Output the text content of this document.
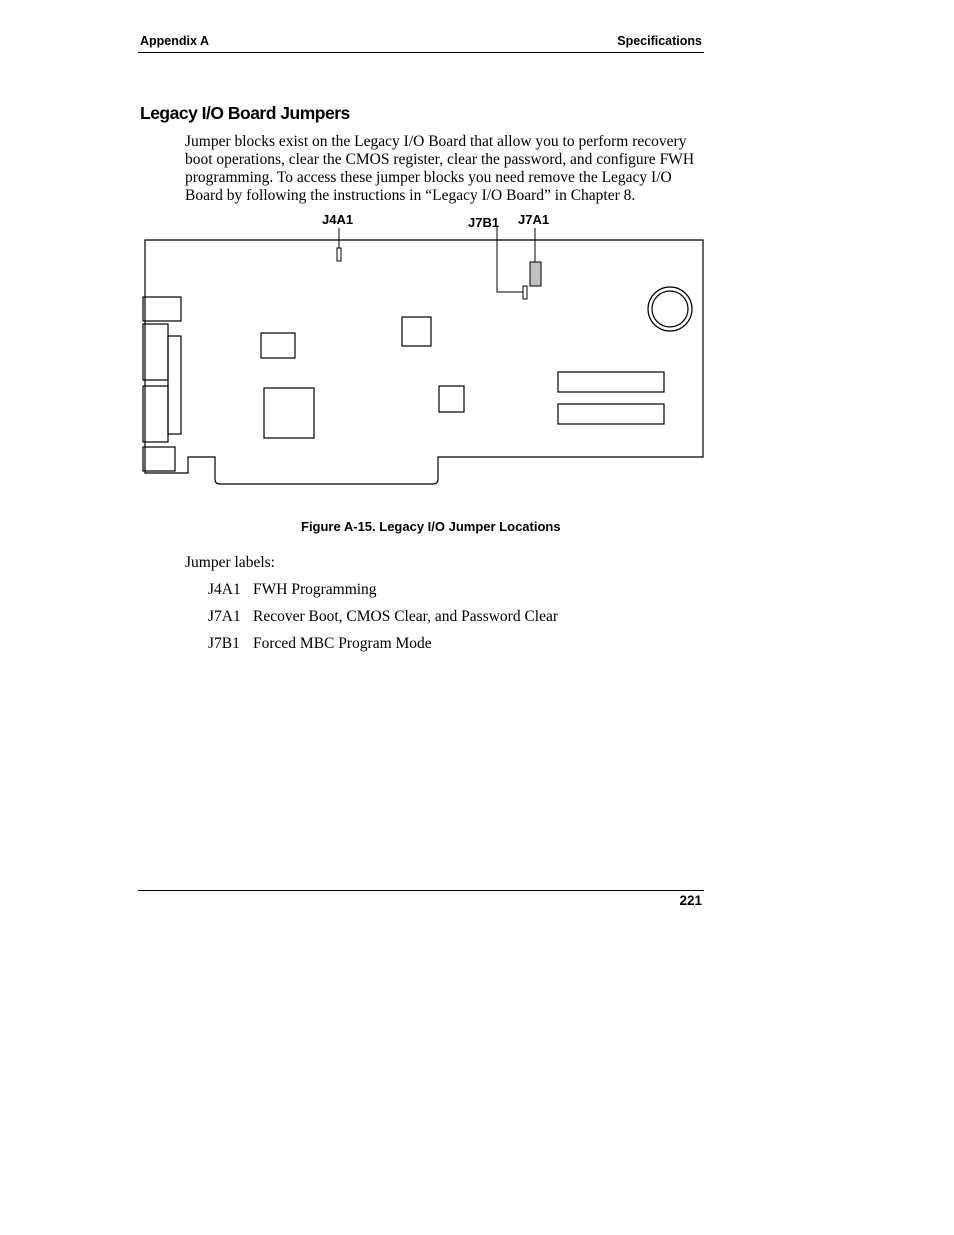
Appendix A	Specifications
Legacy I/O Board Jumpers
Jumper blocks exist on the Legacy I/O Board that allow you to perform recovery
boot operations, clear the CMOS register, clear the password, and configure FWH
programming. To access these jumper blocks you need remove the Legacy I/O
Board by following the instructions in “Legacy I/O Board” in Chapter 8.
J4A1	J7B1 J7A1
Figure A-15. Legacy I/O Jumper Locations
Jumper labels:
J4A1 FWH Programming
J7A1 Recover Boot, CMOS Clear, and Password Clear
J7B1 Forced MBC Program Mode
221
